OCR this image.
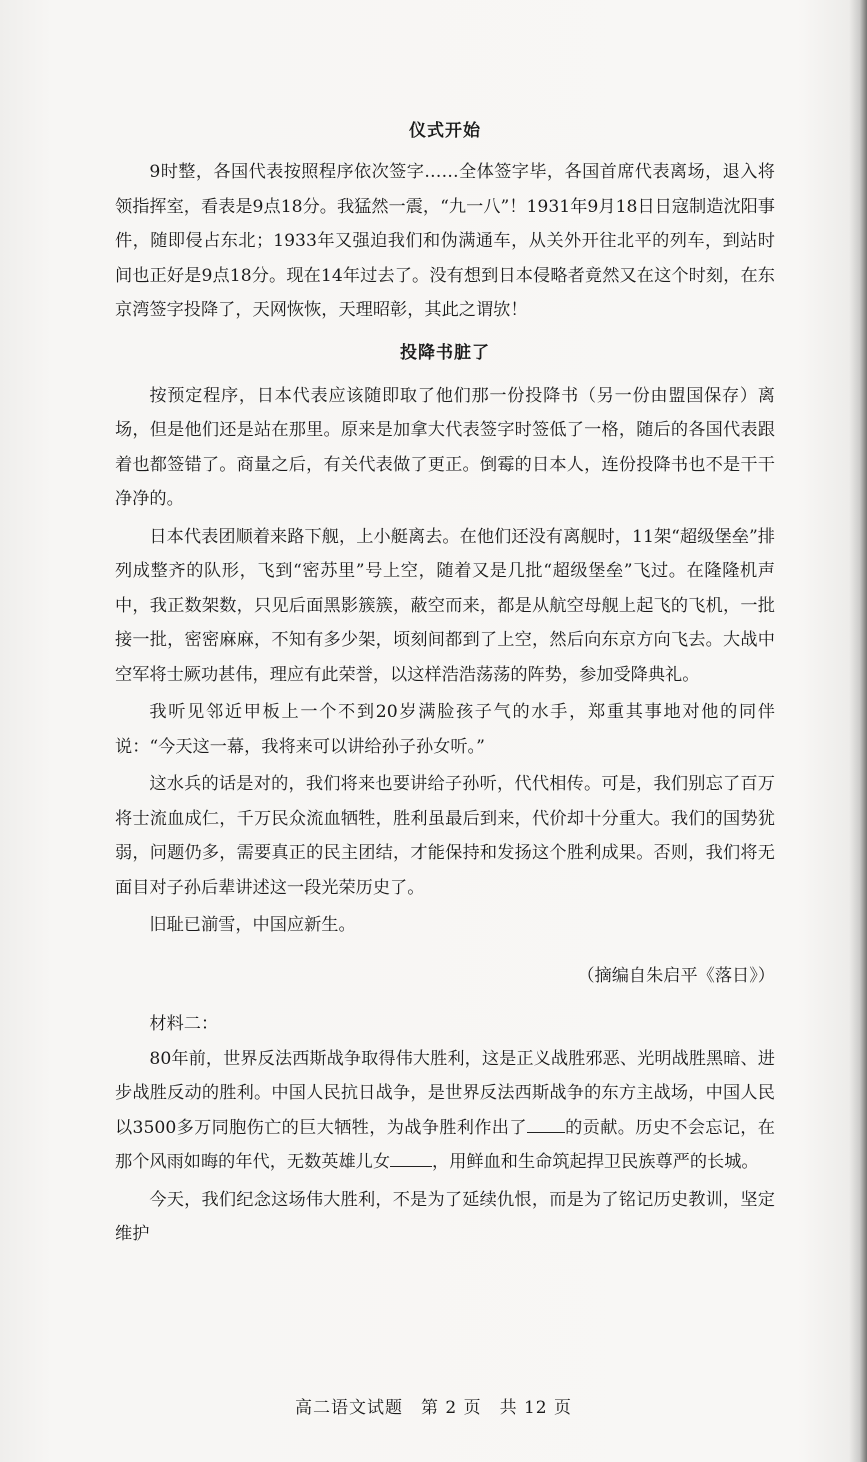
仪式开始

9时整，各国代表按照程序依次签字……全体签字毕，各国首席代表离场，退入将领指挥室，看表是9点18分。我猛然一震，“九一八”！1931年9月18日日寇制造沈阳事件，随即侵占东北；1933年又强迫我们和伪满通车，从关外开往北平的列车，到站时间也正好是9点18分。现在14年过去了。没有想到日本侵略者竟然又在这个时刻，在东京湾签字投降了，天网恢恢，天理昭彰，其此之谓欤！

投降书脏了

按预定程序，日本代表应该随即取了他们那一份投降书（另一份由盟国保存）离场，但是他们还是站在那里。原来是加拿大代表签字时签低了一格，随后的各国代表跟着也都签错了。商量之后，有关代表做了更正。倒霉的日本人，连份投降书也不是干干净净的。

日本代表团顺着来路下舰，上小艇离去。在他们还没有离舰时，11架“超级堡垒”排列成整齐的队形，飞到“密苏里”号上空，随着又是几批“超级堡垒”飞过。在隆隆机声中，我正数架数，只见后面黑影簇簇，蔽空而来，都是从航空母舰上起飞的飞机，一批接一批，密密麻麻，不知有多少架，顷刻间都到了上空，然后向东京方向飞去。大战中空军将士厥功甚伟，理应有此荣誉，以这样浩浩荡荡的阵势，参加受降典礼。

我听见邻近甲板上一个不到20岁满脸孩子气的水手，郑重其事地对他的同伴说：“今天这一幕，我将来可以讲给孙子孙女听。”

这水兵的话是对的，我们将来也要讲给子孙听，代代相传。可是，我们别忘了百万将士流血成仁，千万民众流血牺牲，胜利虽最后到来，代价却十分重大。我们的国势犹弱，问题仍多，需要真正的民主团结，才能保持和发扬这个胜利成果。否则，我们将无面目对子孙后辈讲述这一段光荣历史了。

旧耻已湔雪，中国应新生。

（摘编自朱启平《落日》）

材料二：

80年前，世界反法西斯战争取得伟大胜利，这是正义战胜邪恶、光明战胜黑暗、进步战胜反动的胜利。中国人民抗日战争，是世界反法西斯战争的东方主战场，中国人民以3500多万同胞伤亡的巨大牺牲，为战争胜利作出了 的贡献。历史不会忘记，在那个风雨如晦的年代，无数英雄儿女 ，用鲜血和生命筑起捍卫民族尊严的长城。

今天，我们纪念这场伟大胜利，不是为了延续仇恨，而是为了铭记历史教训，坚定维护

高二语文试题　第 2 页　共 12 页
